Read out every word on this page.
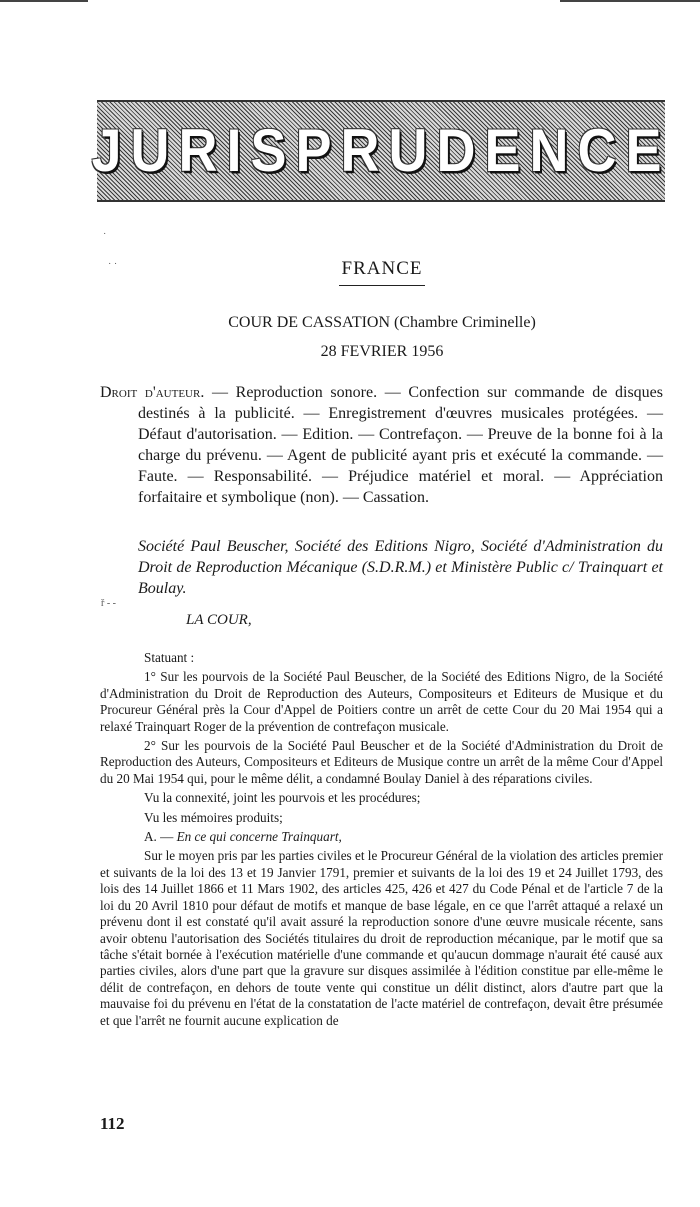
JURISPRUDENCE
˙
˙ ˙	FRANCE
COUR DE CASSATION (Chambre Criminelle)
28 FEVRIER 1956
Droit d'auteur. — Reproduction sonore. — Confection sur commande de disques destinés à la publicité. — Enregistrement d'œuvres musicales protégées. — Défaut d'autorisation. — Edition. — Contrefaçon. — Preuve de la bonne foi à la charge du prévenu. — Agent de publicité ayant pris et exécuté la commande. — Faute. — Responsabilité. — Préjudice matériel et moral. — Appréciation forfaitaire et symbolique (non). — Cassation.
Société Paul Beuscher, Société des Editions Nigro, Société d'Administration du Droit de Reproduction Mécanique (S.D.R.M.) et Ministère Public c/ Trainquart et Boulay.
ř - -
LA COUR,

Statuant :

1° Sur les pourvois de la Société Paul Beuscher, de la Société des Editions Nigro, de la Société d'Administration du Droit de Reproduction des Auteurs, Compositeurs et Editeurs de Musique et du Procureur Général près la Cour d'Appel de Poitiers contre un arrêt de cette Cour du 20 Mai 1954 qui a relaxé Trainquart Roger de la prévention de contrefaçon musicale.

2° Sur les pourvois de la Société Paul Beuscher et de la Société d'Administration du Droit de Reproduction des Auteurs, Compositeurs et Editeurs de Musique contre un arrêt de la même Cour d'Appel du 20 Mai 1954 qui, pour le même délit, a condamné Boulay Daniel à des réparations civiles.

Vu la connexité, joint les pourvois et les procédures;

Vu les mémoires produits;

A. — En ce qui concerne Trainquart,

Sur le moyen pris par les parties civiles et le Procureur Général de la violation des articles premier et suivants de la loi des 13 et 19 Janvier 1791, premier et suivants de la loi des 19 et 24 Juillet 1793, des lois des 14 Juillet 1866 et 11 Mars 1902, des articles 425, 426 et 427 du Code Pénal et de l'article 7 de la loi du 20 Avril 1810 pour défaut de motifs et manque de base légale, en ce que l'arrêt attaqué a relaxé un prévenu dont il est constaté qu'il avait assuré la reproduction sonore d'une œuvre musicale récente, sans avoir obtenu l'autorisation des Sociétés titulaires du droit de reproduction mécanique, par le motif que sa tâche s'était bornée à l'exécution matérielle d'une commande et qu'aucun dommage n'aurait été causé aux parties civiles, alors d'une part que la gravure sur disques assimilée à l'édition constitue par elle-même le délit de contrefaçon, en dehors de toute vente qui constitue un délit distinct, alors d'autre part que la mauvaise foi du prévenu en l'état de la constatation de l'acte matériel de contrefaçon, devait être présumée et que l'arrêt ne fournit aucune explication de

112
